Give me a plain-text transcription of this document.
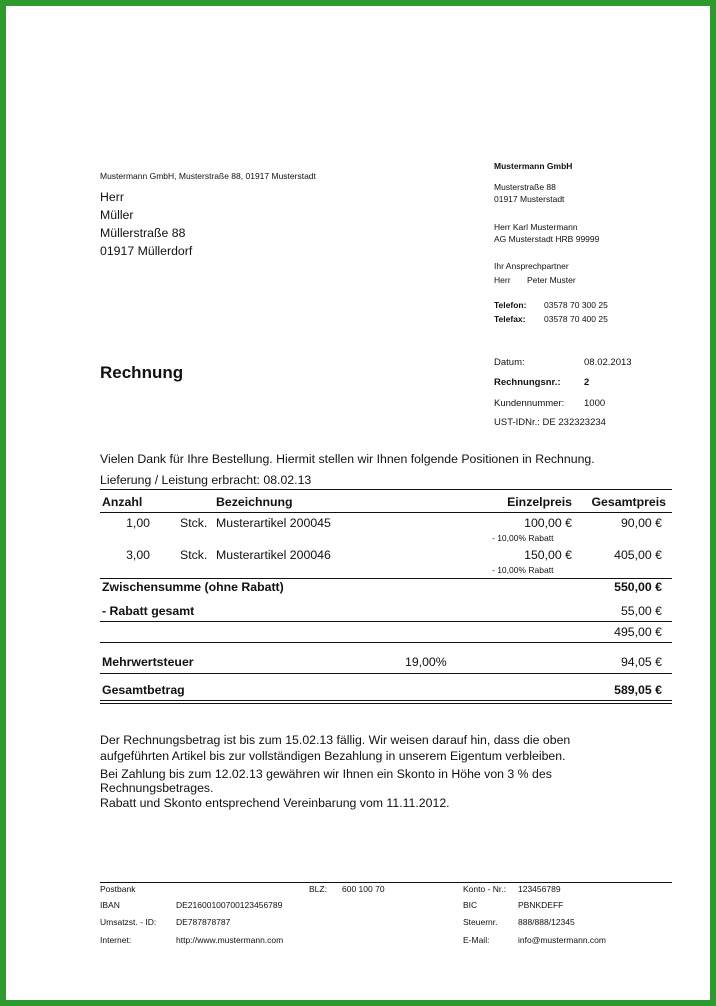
Mustermann GmbH, Musterstraße 88, 01917 Musterstadt
Herr
Müller
Müllerstraße 88
01917 Müllerdorf
Mustermann GmbH
Musterstraße 88
01917 Musterstadt
Herr Karl Mustermann
AG Musterstadt HRB 99999
Ihr Ansprechpartner
Herr Peter Muster
Telefon: 03578 70 300 25
Telefax: 03578 70 400 25
Rechnung
Datum:	08.02.2013
Rechnungsnr.: 2
Kundennummer: 1000
UST-IDNr.: DE 232323234
Vielen Dank für Ihre Bestellung. Hiermit stellen wir Ihnen folgende Positionen in Rechnung.
Lieferung / Leistung erbracht: 08.02.13
Anzahl	Bezeichnung	Einzelpreis Gesamtpreis
1,00 Stck. Musterartikel 200045	100,00 €	90,00 €
- 10,00% Rabatt
3,00 Stck. Musterartikel 200046	150,00 €	405,00 €
- 10,00% Rabatt
Zwischensumme (ohne Rabatt)	550,00 €
- Rabatt gesamt	55,00 €
495,00 €
Mehrwertsteuer	19,00%	94,05 €
Gesamtbetrag	589,05 €
Der Rechnungsbetrag ist bis zum 15.02.13 fällig. Wir weisen darauf hin, dass die oben
aufgeführten Artikel bis zur vollständigen Bezahlung in unserem Eigentum verbleiben.
Bei Zahlung bis zum 12.02.13 gewähren wir Ihnen ein Skonto in Höhe von 3 % des
Rechnungsbetrages.
Rabatt und Skonto entsprechend Vereinbarung vom 11.11.2012.
Postbank	BLZ: 600 100 70	Konto - Nr.: 123456789
IBAN	DE21600100700123456789	BIC	PBNKDEFF
Umsatzst. - ID: DE787878787	Steuernr. 888/888/12345
Internet:	http://www.mustermann.com	E-Mail:	info@mustermann.com
